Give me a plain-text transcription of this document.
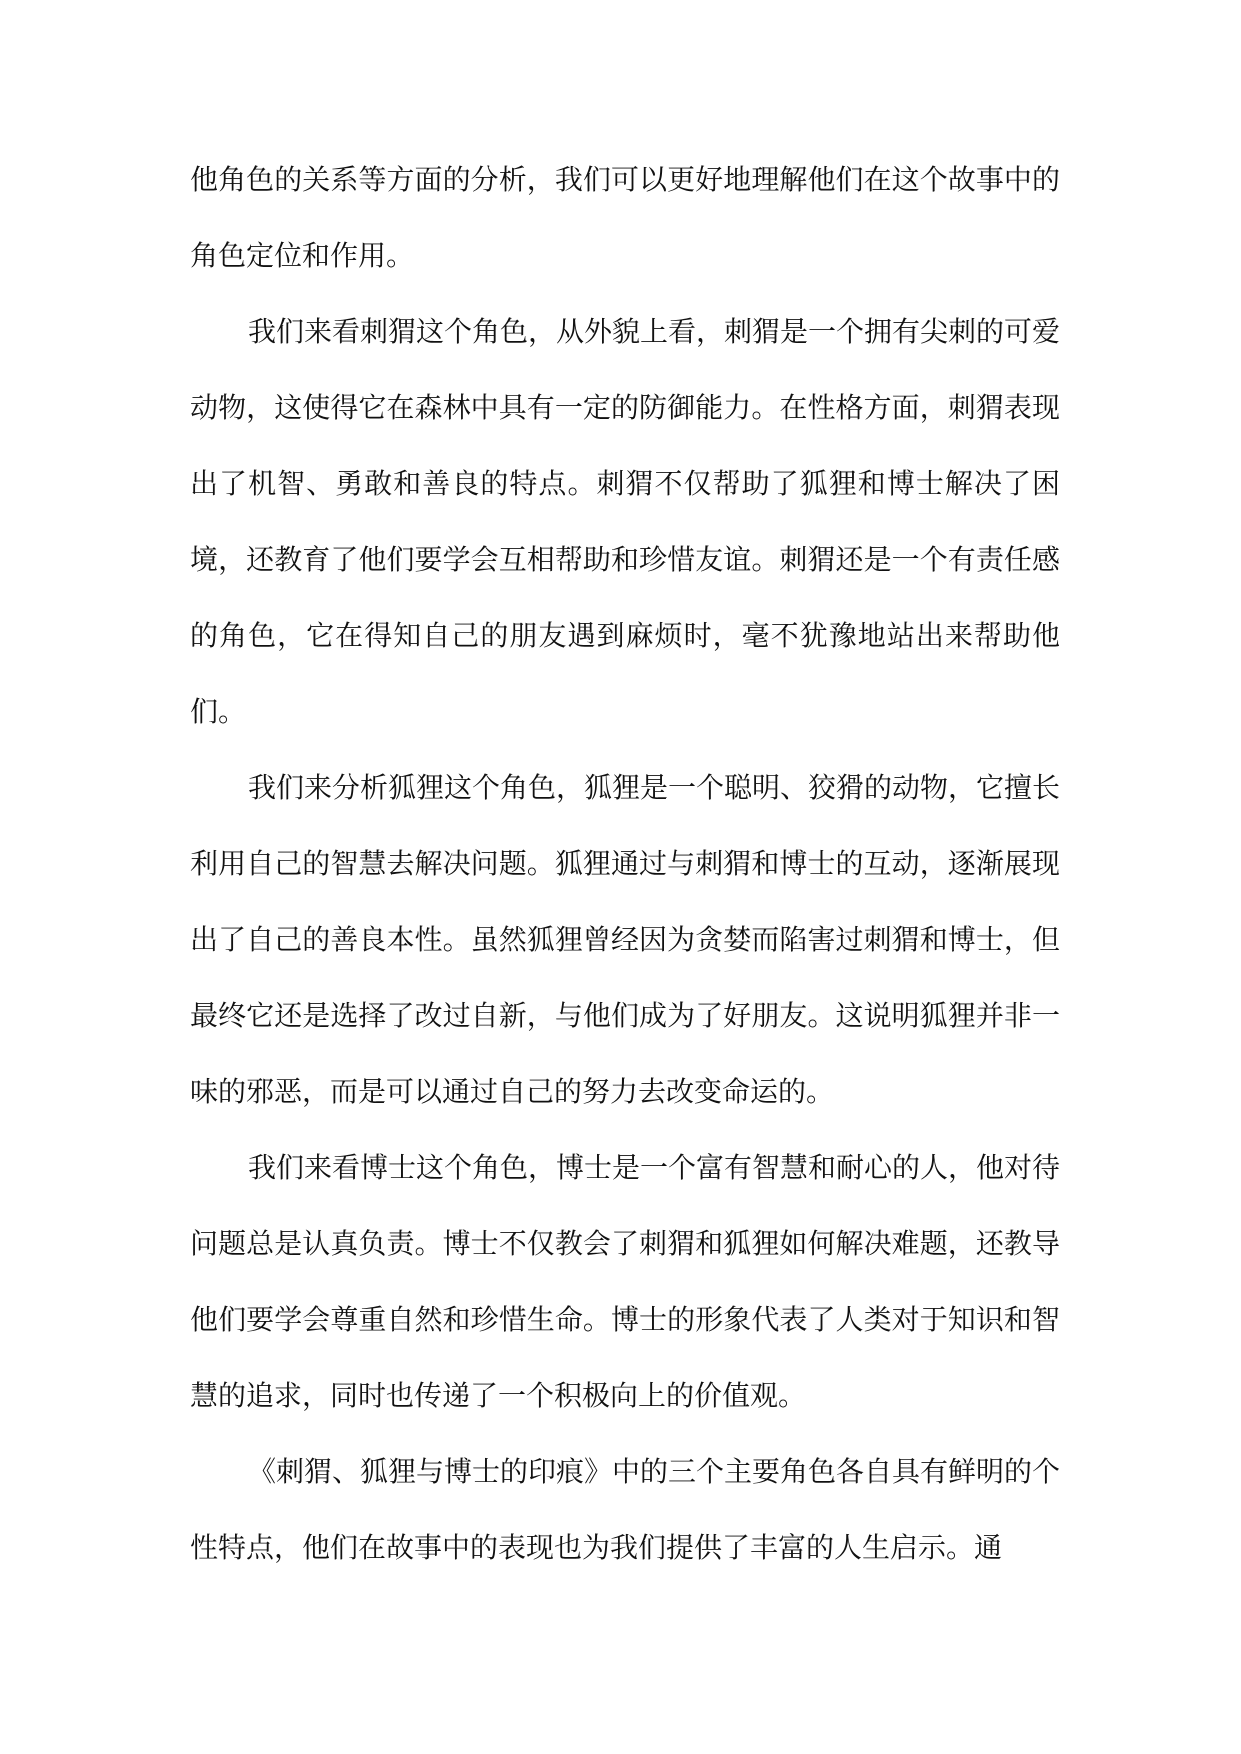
他角色的关系等方面的分析，我们可以更好地理解他们在这个故事中的角色定位和作用。

我们来看刺猬这个角色，从外貌上看，刺猬是一个拥有尖刺的可爱动物，这使得它在森林中具有一定的防御能力。在性格方面，刺猬表现出了机智、勇敢和善良的特点。刺猬不仅帮助了狐狸和博士解决了困境，还教育了他们要学会互相帮助和珍惜友谊。刺猬还是一个有责任感的角色，它在得知自己的朋友遇到麻烦时，毫不犹豫地站出来帮助他们。

我们来分析狐狸这个角色，狐狸是一个聪明、狡猾的动物，它擅长利用自己的智慧去解决问题。狐狸通过与刺猬和博士的互动，逐渐展现出了自己的善良本性。虽然狐狸曾经因为贪婪而陷害过刺猬和博士，但最终它还是选择了改过自新，与他们成为了好朋友。这说明狐狸并非一味的邪恶，而是可以通过自己的努力去改变命运的。

我们来看博士这个角色，博士是一个富有智慧和耐心的人，他对待问题总是认真负责。博士不仅教会了刺猬和狐狸如何解决难题，还教导他们要学会尊重自然和珍惜生命。博士的形象代表了人类对于知识和智慧的追求，同时也传递了一个积极向上的价值观。

《刺猬、狐狸与博士的印痕》中的三个主要角色各自具有鲜明的个性特点，他们在故事中的表现也为我们提供了丰富的人生启示。通
